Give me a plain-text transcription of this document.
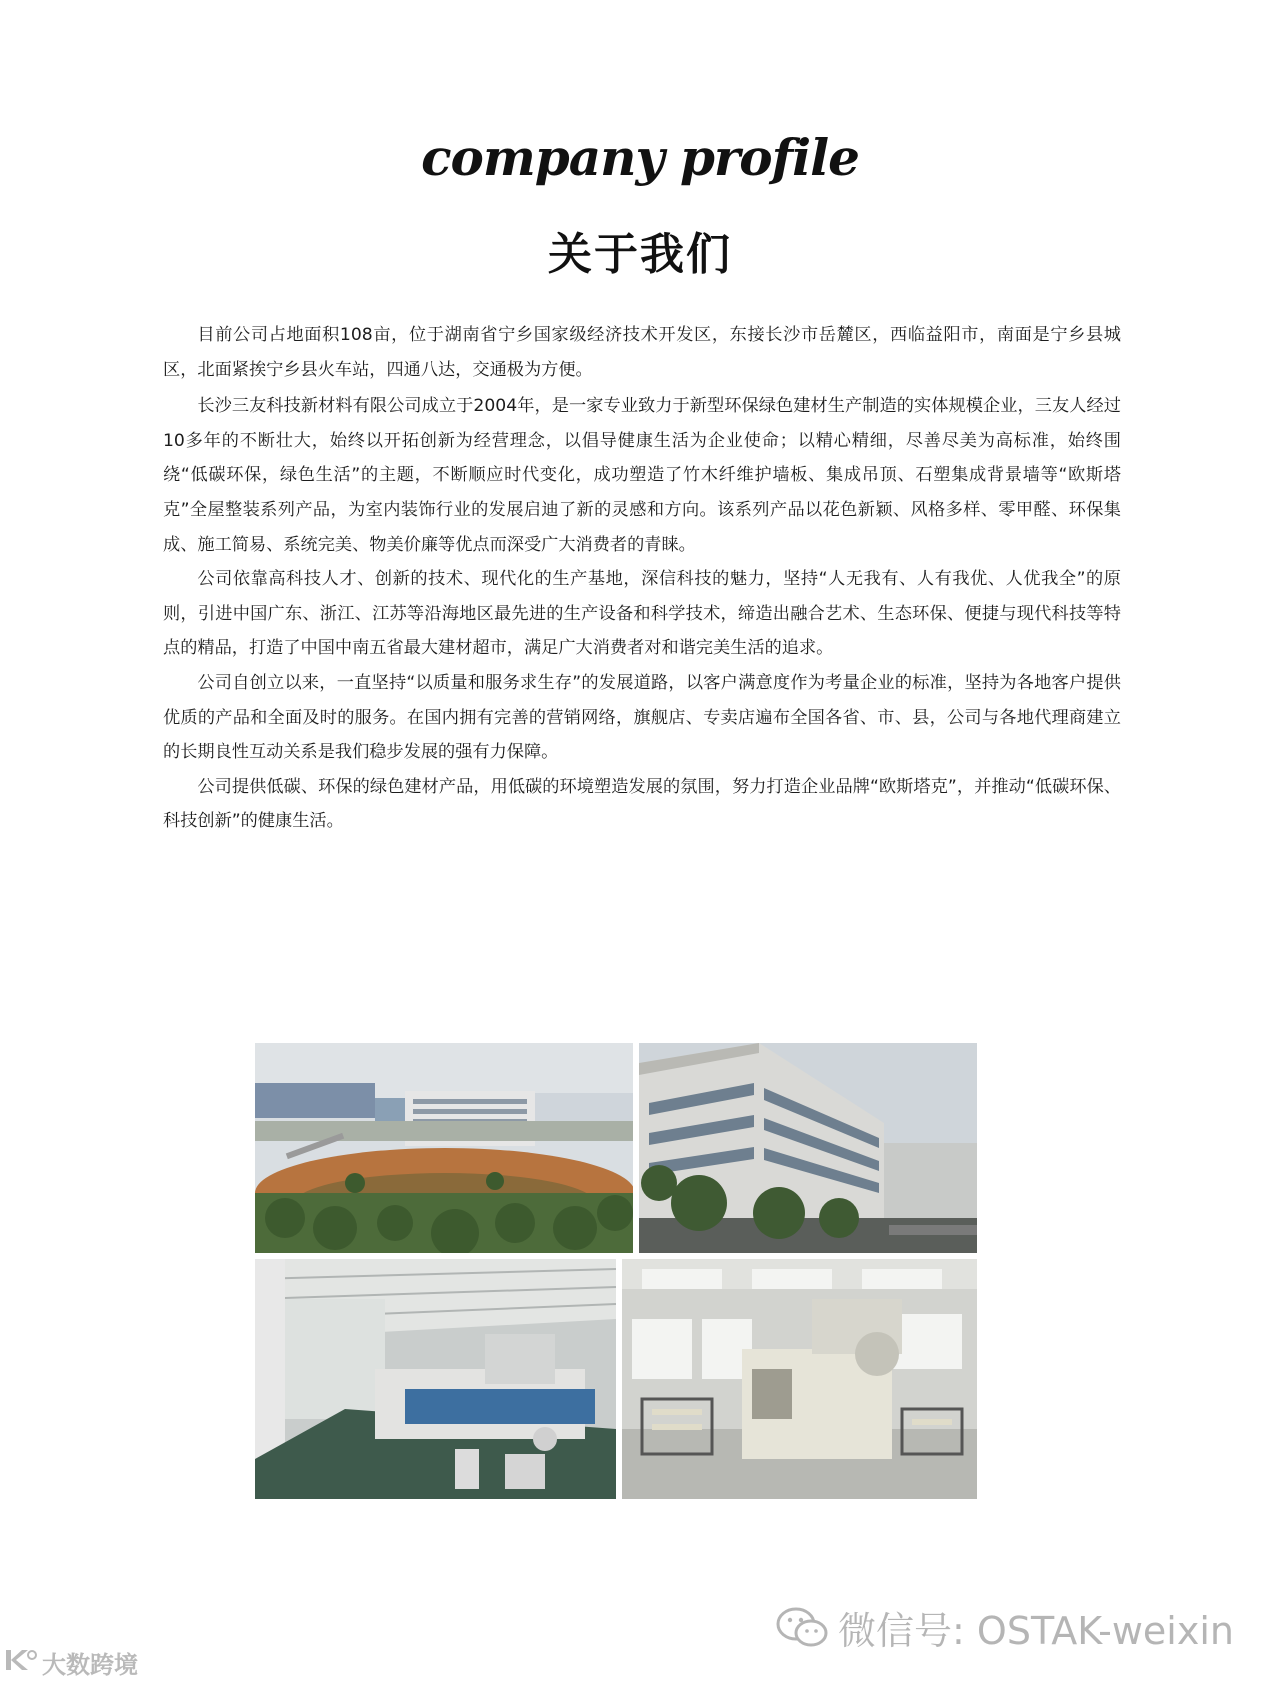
company profile
关于我们

目前公司占地面积108亩，位于湖南省宁乡国家级经济技术开发区，东接长沙市岳麓区，西临益阳市，南面是宁乡县城区，北面紧挨宁乡县火车站，四通八达，交通极为方便。

长沙三友科技新材料有限公司成立于2004年，是一家专业致力于新型环保绿色建材生产制造的实体规模企业，三友人经过10多年的不断壮大，始终以开拓创新为经营理念，以倡导健康生活为企业使命；以精心精细，尽善尽美为高标准，始终围绕“低碳环保，绿色生活”的主题，不断顺应时代变化，成功塑造了竹木纤维护墙板、集成吊顶、石塑集成背景墙等“欧斯塔克”全屋整装系列产品，为室内装饰行业的发展启迪了新的灵感和方向。该系列产品以花色新颖、风格多样、零甲醛、环保集成、施工简易、系统完美、物美价廉等优点而深受广大消费者的青睐。

公司依靠高科技人才、创新的技术、现代化的生产基地，深信科技的魅力，坚持“人无我有、人有我优、人优我全”的原则，引进中国广东、浙江、江苏等沿海地区最先进的生产设备和科学技术，缔造出融合艺术、生态环保、便捷与现代科技等特点的精品，打造了中国中南五省最大建材超市，满足广大消费者对和谐完美生活的追求。

公司自创立以来，一直坚持“以质量和服务求生存”的发展道路，以客户满意度作为考量企业的标准，坚持为各地客户提供优质的产品和全面及时的服务。在国内拥有完善的营销网络，旗舰店、专卖店遍布全国各省、市、县，公司与各地代理商建立的长期良性互动关系是我们稳步发展的强有力保障。

公司提供低碳、环保的绿色建材产品，用低碳的环境塑造发展的氛围，努力打造企业品牌“欧斯塔克”，并推动“低碳环保、科技创新”的健康生活。

微信号: OSTAK-weixin
大数跨境
